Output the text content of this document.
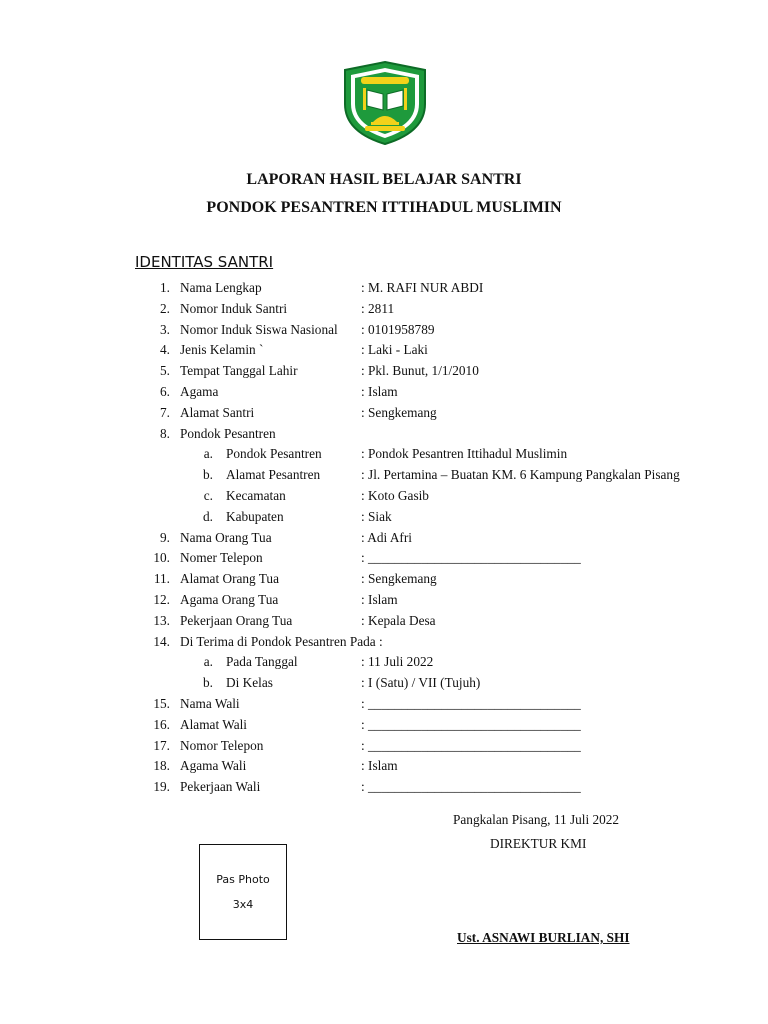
LAPORAN HASIL BELAJAR SANTRI
PONDOK PESANTREN ITTIHADUL MUSLIMIN
IDENTITAS SANTRI
1. Nama Lengkap	: M. RAFI NUR ABDI
2. Nomor Induk Santri	: 2811
3. Nomor Induk Siswa Nasional : 0101958789
4. Jenis Kelamin `	: Laki - Laki
5. Tempat Tanggal Lahir	: Pkl. Bunut, 1/1/2010
6. Agama	: Islam
7. Alamat Santri	: Sengkemang
8. Pondok Pesantren
a. Pondok Pesantren	: Pondok Pesantren Ittihadul Muslimin
b. Alamat Pesantren	: Jl. Pertamina – Buatan KM. 6 Kampung Pangkalan Pisang
c. Kecamatan	: Koto Gasib
d. Kabupaten	: Siak
9. Nama Orang Tua	: Adi Afri
10. Nomer Telepon	: ________________________________
11. Alamat Orang Tua	: Sengkemang
12. Agama Orang Tua	: Islam
13. Pekerjaan Orang Tua	: Kepala Desa
14. Di Terima di Pondok Pesantren Pada :
a. Pada Tanggal	: 11 Juli 2022
b. Di Kelas	: I (Satu) / VII (Tujuh)
15. Nama Wali	: ________________________________
16. Alamat Wali	: ________________________________
17. Nomor Telepon	: ________________________________
18. Agama Wali	: Islam
19. Pekerjaan Wali	: ________________________________
Pangkalan Pisang, 11 Juli 2022
DIREKTUR KMI
Ust. ASNAWI BURLIAN, SHI
Pas Photo
3x4
